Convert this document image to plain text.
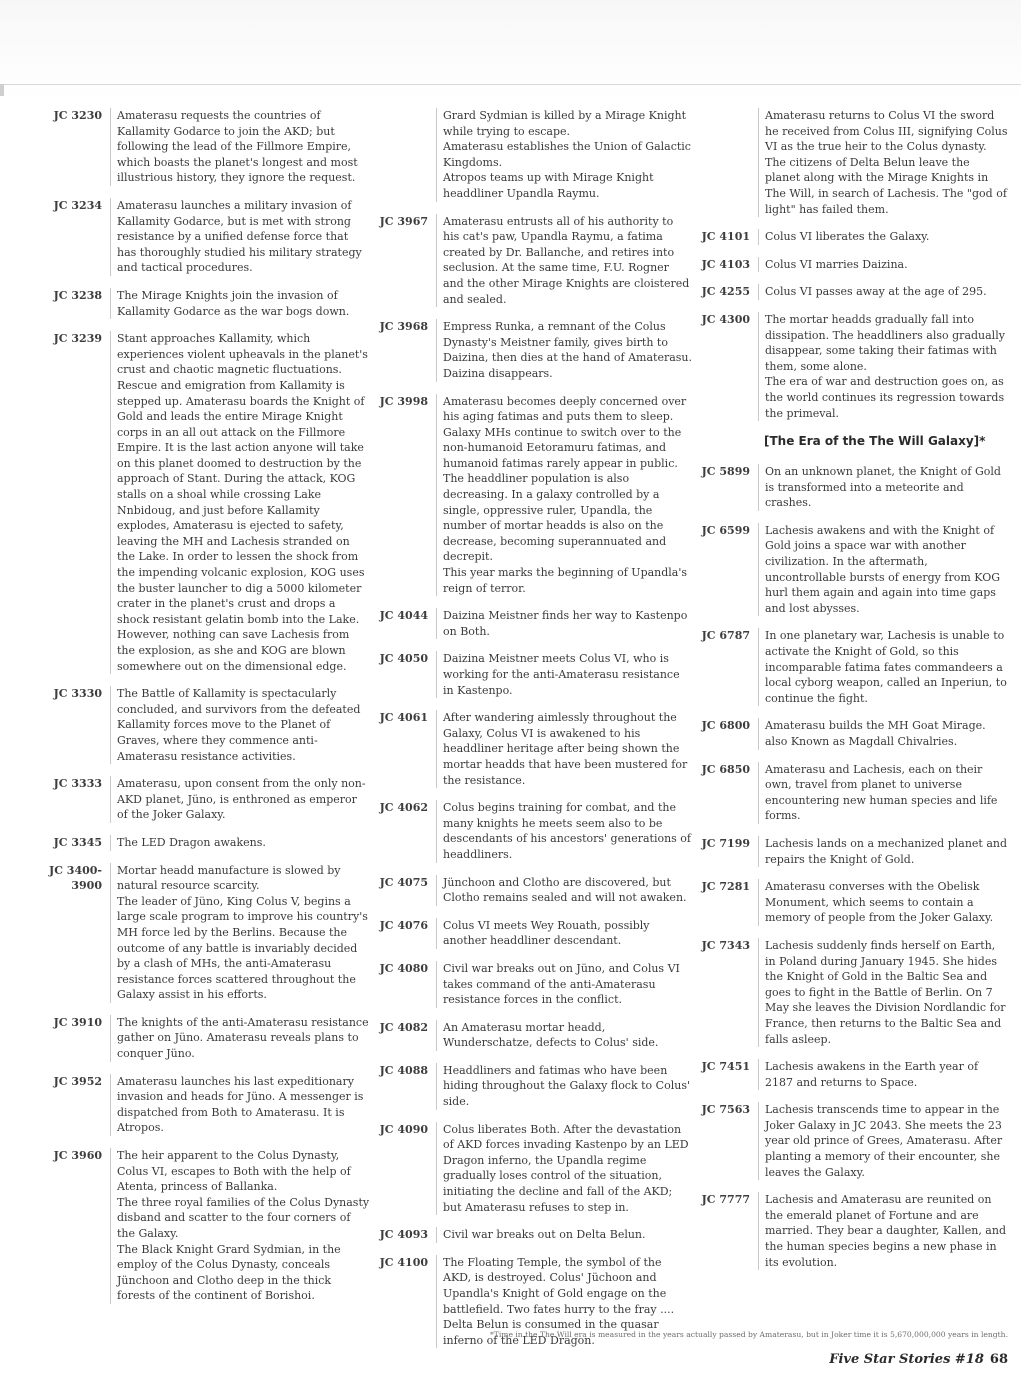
JC 3230 Amaterasu requests the countries of Kallamity Godarce to join the AKD; but following the lead of the Fillmore Empire, which boasts the planet's longest and most illustrious history, they ignore the request.
JC 3234 Amaterasu launches a military invasion of Kallamity Godarce, but is met with strong resistance by a unified defense force that has thoroughly studied his military strategy and tactical procedures.
JC 3238 The Mirage Knights join the invasion of Kallamity Godarce as the war bogs down.
JC 3239 Stant approaches Kallamity, which experiences violent upheavals in the planet's crust and chaotic magnetic fluctuations. Rescue and emigration from Kallamity is stepped up. Amaterasu boards the Knight of Gold and leads the entire Mirage Knight corps in an all out attack on the Fillmore Empire. It is the last action anyone will take on this planet doomed to destruction by the approach of Stant. During the attack, KOG stalls on a shoal while crossing Lake Nnbidoug, and just before Kallamity explodes, Amaterasu is ejected to safety, leaving the MH and Lachesis stranded on the Lake. In order to lessen the shock from the impending volcanic explosion, KOG uses the buster launcher to dig a 5000 kilometer crater in the planet's crust and drops a shock resistant gelatin bomb into the Lake. However, nothing can save Lachesis from the explosion, as she and KOG are blown somewhere out on the dimensional edge.
JC 3330 The Battle of Kallamity is spectacularly concluded, and survivors from the defeated Kallamity forces move to the Planet of Graves, where they commence anti-Amaterasu resistance activities.
JC 3333 Amaterasu, upon consent from the only non-AKD planet, Jüno, is enthroned as emperor of the Joker Galaxy.
JC 3345 The LED Dragon awakens.
JC 3400-3900
Mortar headd manufacture is slowed by natural resource scarcity.
The leader of Jüno, King Colus V, begins a large scale program to improve his country's MH force led by the Berlins. Because the outcome of any battle is invariably decided by a clash of MHs, the anti-Amaterasu resistance forces scattered throughout the Galaxy assist in his efforts.
JC 3910 The knights of the anti-Amaterasu resistance gather on Jüno. Amaterasu reveals plans to conquer Jüno.
JC 3952 Amaterasu launches his last expeditionary invasion and heads for Jüno. A messenger is dispatched from Both to Amaterasu. It is Atropos.
JC 3960 The heir apparent to the Colus Dynasty, Colus VI, escapes to Both with the help of Atenta, princess of Ballanka.
The three royal families of the Colus Dynasty disband and scatter to the four corners of the Galaxy.
The Black Knight Grard Sydmian, in the employ of the Colus Dynasty, conceals Jünchoon and Clotho deep in the thick forests of the continent of Borishoi.
Grard Sydmian is killed by a Mirage Knight while trying to escape.
Amaterasu establishes the Union of Galactic Kingdoms.
Atropos teams up with Mirage Knight headdliner Upandla Raymu.
JC 3967 Amaterasu entrusts all of his authority to his cat's paw, Upandla Raymu, a fatima created by Dr. Ballanche, and retires into seclusion. At the same time, F.U. Rogner and the other Mirage Knights are cloistered and sealed.
JC 3968 Empress Runka, a remnant of the Colus Dynasty's Meistner family, gives birth to Daizina, then dies at the hand of Amaterasu. Daizina disappears.
JC 3998 Amaterasu becomes deeply concerned over his aging fatimas and puts them to sleep.
Galaxy MHs continue to switch over to the non-humanoid Eetoramuru fatimas, and humanoid fatimas rarely appear in public. The headdliner population is also decreasing. In a galaxy controlled by a single, oppressive ruler, Upandla, the number of mortar headds is also on the decrease, becoming superannuated and decrepit.
This year marks the beginning of Upandla's reign of terror.
JC 4044 Daizina Meistner finds her way to Kastenpo on Both.
JC 4050 Daizina Meistner meets Colus VI, who is working for the anti-Amaterasu resistance in Kastenpo.
JC 4061 After wandering aimlessly throughout the Galaxy, Colus VI is awakened to his headdliner heritage after being shown the mortar headds that have been mustered for the resistance.
JC 4062 Colus begins training for combat, and the many knights he meets seem also to be descendants of his ancestors' generations of headdliners.
JC 4075 Jünchoon and Clotho are discovered, but Clotho remains sealed and will not awaken.
JC 4076 Colus VI meets Wey Rouath, possibly another headdliner descendant.
JC 4080 Civil war breaks out on Jüno, and Colus VI takes command of the anti-Amaterasu resistance forces in the conflict.
JC 4082 An Amaterasu mortar headd, Wunderschatze, defects to Colus' side.
JC 4088 Headdliners and fatimas who have been hiding throughout the Galaxy flock to Colus' side.
JC 4090 Colus liberates Both. After the devastation of AKD forces invading Kastenpo by an LED Dragon inferno, the Upandla regime gradually loses control of the situation, initiating the decline and fall of the AKD; but Amaterasu refuses to step in.
JC 4093 Civil war breaks out on Delta Belun.
JC 4100 The Floating Temple, the symbol of the AKD, is destroyed. Colus' Jüchoon and Upandla's Knight of Gold engage on the battlefield. Two fates hurry to the fray ....
Delta Belun is consumed in the quasar inferno of the LED Dragon.
Amaterasu returns to Colus VI the sword he received from Colus III, signifying Colus VI as the true heir to the Colus dynasty. The citizens of Delta Belun leave the planet along with the Mirage Knights in The Will, in search of Lachesis. The "god of light" has failed them.
JC 4101 Colus VI liberates the Galaxy.
JC 4103 Colus VI marries Daizina.
JC 4255 Colus VI passes away at the age of 295.
JC 4300 The mortar headds gradually fall into dissipation. The headdliners also gradually disappear, some taking their fatimas with them, some alone.
The era of war and destruction goes on, as the world continues its regression towards the primeval.
[The Era of the The Will Galaxy]*
JC 5899 On an unknown planet, the Knight of Gold is transformed into a meteorite and crashes.
JC 6599 Lachesis awakens and with the Knight of Gold joins a space war with another civilization. In the aftermath, uncontrollable bursts of energy from KOG hurl them again and again into time gaps and lost abysses.
JC 6787 In one planetary war, Lachesis is unable to activate the Knight of Gold, so this incomparable fatima fates commandeers a local cyborg weapon, called an Inperiun, to continue the fight.
JC 6800 Amaterasu builds the MH Goat Mirage. also Known as Magdall Chivalries.
JC 6850 Amaterasu and Lachesis, each on their own, travel from planet to universe encountering new human species and life forms.
JC 7199 Lachesis lands on a mechanized planet and repairs the Knight of Gold.
JC 7281 Amaterasu converses with the Obelisk Monument, which seems to contain a memory of people from the Joker Galaxy.
JC 7343 Lachesis suddenly finds herself on Earth, in Poland during January 1945. She hides the Knight of Gold in the Baltic Sea and goes to fight in the Battle of Berlin. On 7 May she leaves the Division Nordlandic for France, then returns to the Baltic Sea and falls asleep.
JC 7451 Lachesis awakens in the Earth year of 2187 and returns to Space.
JC 7563 Lachesis transcends time to appear in the Joker Galaxy in JC 2043. She meets the 23 year old prince of Grees, Amaterasu. After planting a memory of their encounter, she leaves the Galaxy.
JC 7777 Lachesis and Amaterasu are reunited on the emerald planet of Fortune and are married. They bear a daughter, Kallen, and the human species begins a new phase in its evolution.
*Time in the The Will era is measured in the years actually passed by Amaterasu, but in Joker time it is 5,670,000,000 years in length.
Five Star Stories #18 68
